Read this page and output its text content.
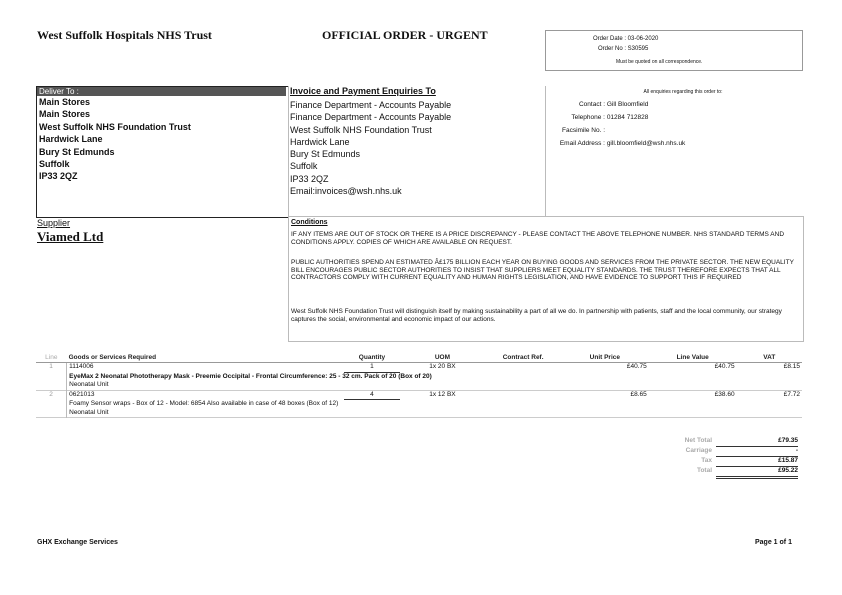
West Suffolk Hospitals NHS Trust	OFFICIAL ORDER - URGENT	Order Date : 03-06-2020
Order No : S30595
Must be quoted on all correspondence.
Deliver To :
Main Stores
Main Stores
West Suffolk NHS Foundation Trust
Hardwick Lane
Bury St Edmunds
Suffolk
IP33 2QZ
Invoice and Payment Enquiries To
Finance Department - Accounts Payable
Finance Department - Accounts Payable
West Suffolk NHS Foundation Trust
Hardwick Lane
Bury St Edmunds
Suffolk
IP33 2QZ
Email:invoices@wsh.nhs.uk
All enquiries regarding this order to:
Contact : Gill Bloomfield
Telephone : 01284 712828
Facsimile No. :
Email Address : gill.bloomfield@wsh.nhs.uk
Supplier
Viamed Ltd
Conditions
IF ANY ITEMS ARE OUT OF STOCK OR THERE IS A PRICE DISCREPANCY - PLEASE CONTACT THE ABOVE TELEPHONE NUMBER. NHS STANDARD TERMS AND CONDITIONS APPLY. COPIES OF WHICH ARE AVAILABLE ON REQUEST.
PUBLIC AUTHORITIES SPEND AN ESTIMATED Â£175 BILLION EACH YEAR ON BUYING GOODS AND SERVICES FROM THE PRIVATE SECTOR. THE NEW EQUALITY BILL ENCOURAGES PUBLIC SECTOR AUTHORITIES TO INSIST THAT SUPPLIERS MEET EQUALITY STANDARDS. THE TRUST THEREFORE EXPECTS THAT ALL CONTRACTORS COMPLY WITH CURRENT EQUALITY AND HUMAN RIGHTS LEGISLATION, AND HAVE EVIDENCE TO SUPPORT THIS IF REQUIRED
West Suffolk NHS Foundation Trust will distinguish itself by making sustainability a part of all we do. In partnership with patients, staff and the local community, our strategy captures the social, environmental and economic impact of our actions.
Line	Goods or Services Required	Quantity	UOM	Contract Ref.	Unit Price	Line Value	VAT
1	1114006	1	1x 20 BX		£40.75	£40.75	£8.15
	EyeMax 2 Neonatal Phototherapy Mask - Preemie Occipital - Frontal Circumference: 25 - 32 cm. Pack of 20 (Box of 20)						
	Neonatal Unit						
2	0621013	4	1x 12 BX		£8.65	£38.60	£7.72
	Foamy Sensor wraps - Box of 12 - Model: 6854 Also available in case of 48 boxes (Box of 12)						
	Neonatal Unit						
Net Total	£79.35
Carriage	-
Tax	£15.87
Total	£95.22
GHX Exchange Services	Page 1 of 1
